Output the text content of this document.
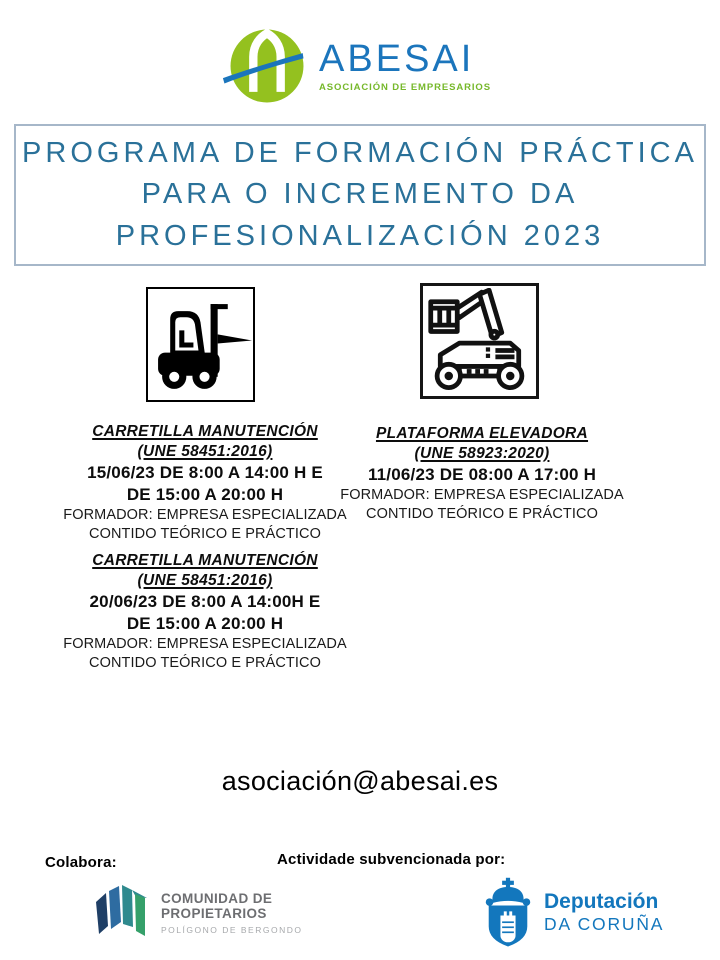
ABESAI
ASOCIACIÓN DE EMPRESARIOS
PROGRAMA DE FORMACIÓN PRÁCTICA
PARA O INCREMENTO DA
PROFESIONALIZACIÓN 2023
CARRETILLA MANUTENCIÓN
(UNE 58451:2016)
15/06/23 DE 8:00 A 14:00 H E
DE 15:00 A 20:00 H
FORMADOR: EMPRESA ESPECIALIZADA
CONTIDO TEÓRICO E PRÁCTICO
PLATAFORMA ELEVADORA
(UNE 58923:2020)
11/06/23 DE 08:00 A 17:00 H
FORMADOR: EMPRESA ESPECIALIZADA
CONTIDO TEÓRICO E PRÁCTICO
CARRETILLA MANUTENCIÓN
(UNE 58451:2016)
20/06/23 DE 8:00 A 14:00H E
DE 15:00 A 20:00 H
FORMADOR: EMPRESA ESPECIALIZADA
CONTIDO TEÓRICO E PRÁCTICO
asociación@abesai.es
Colabora:	Actividade subvencionada por:
COMUNIDAD DE
PROPIETARIOS
POLÍGONO DE BERGONDO
Deputación
DA CORUÑA
